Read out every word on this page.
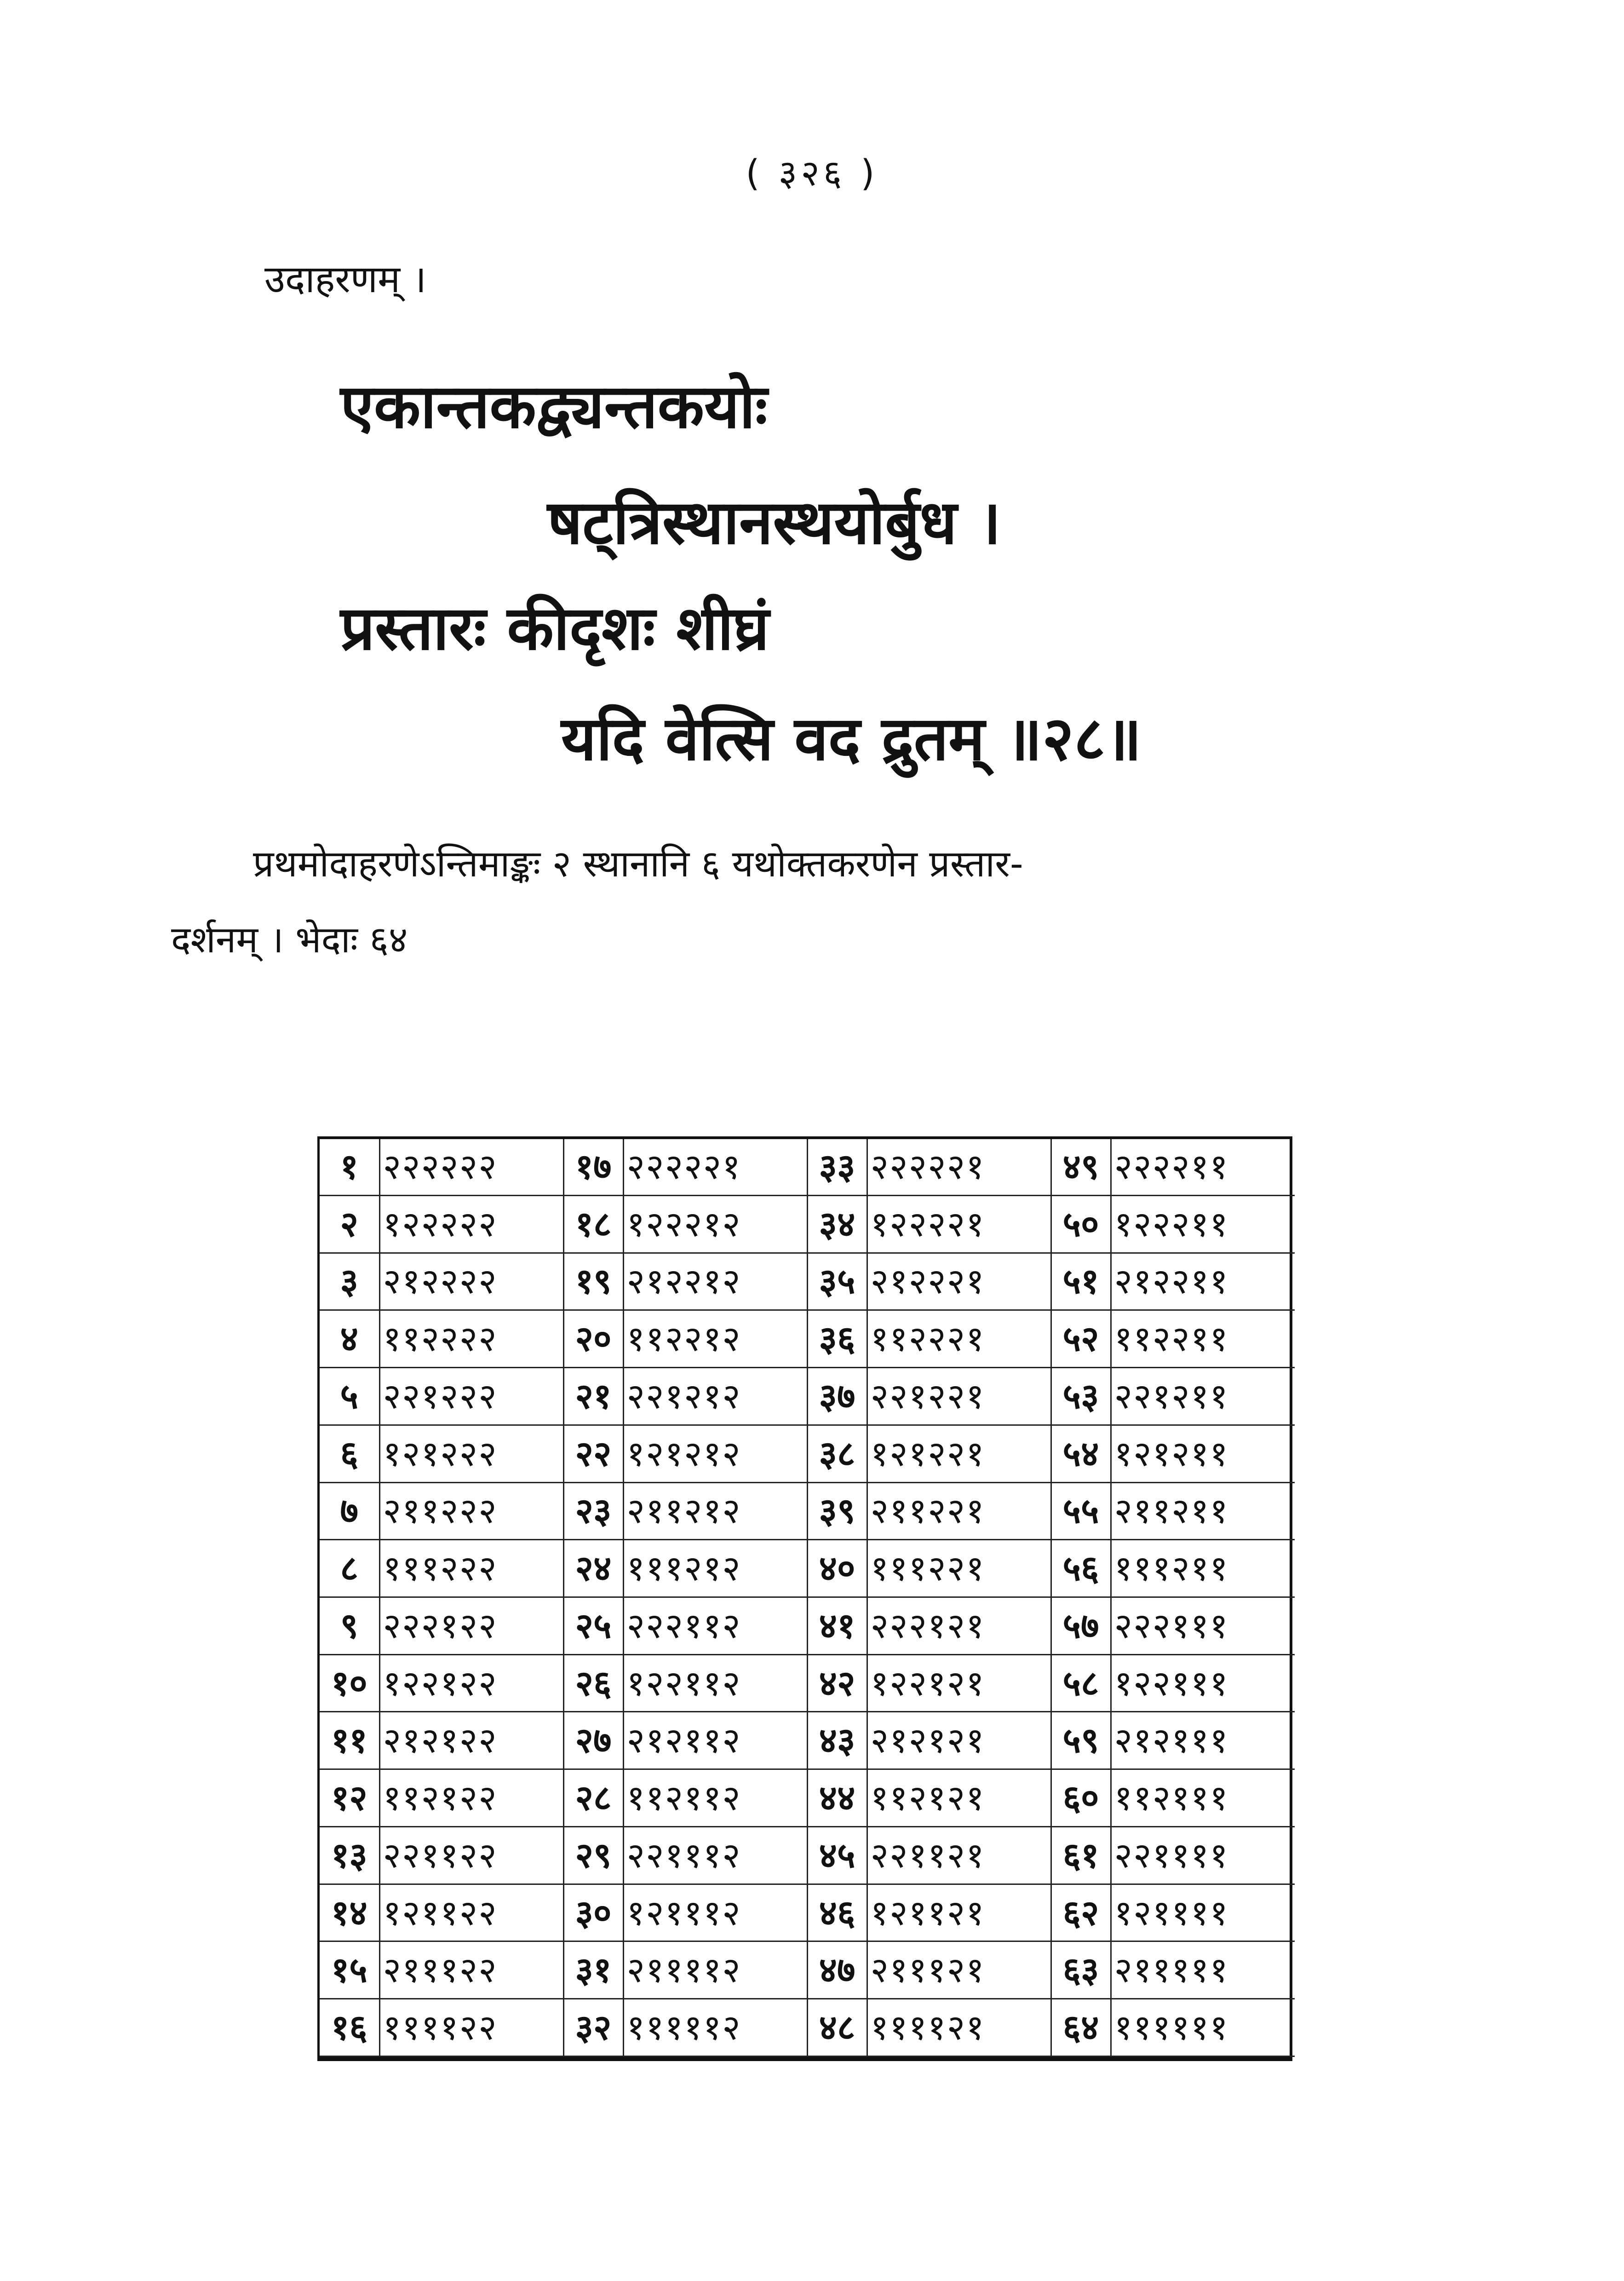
( ३२६ )
उदाहरणम् ।
एकान्तकद्व्यन्तकयोः
षट्त्रिस्थानस्थयोर्बुध ।
प्रस्तारः कीदृशः शीघ्रं
यदि वेत्सि वद द्रुतम् ॥२८॥
प्रथमोदाहरणेऽन्तिमाङ्कः २ स्थानानि ६ यथोक्तकरणेन प्रस्तार-
दर्शनम् । भेदाः ६४
१	२२२२२२	१७	२२२२२१	३३	२२२२२१	४९	२२२२११
२	१२२२२२	१८	१२२२१२	३४	१२२२२१	५०	१२२२११
३	२१२२२२	१९	२१२२१२	३५	२१२२२१	५१	२१२२११
४	११२२२२	२०	११२२१२	३६	११२२२१	५२	११२२११
५	२२१२२२	२१	२२१२१२	३७	२२१२२१	५३	२२१२११
६	१२१२२२	२२	१२१२१२	३८	१२१२२१	५४	१२१२११
७	२११२२२	२३	२११२१२	३९	२११२२१	५५	२११२११
८	१११२२२	२४	१११२१२	४०	१११२२१	५६	१११२११
९	२२२१२२	२५	२२२११२	४१	२२२१२१	५७	२२२१११
१०	१२२१२२	२६	१२२११२	४२	१२२१२१	५८	१२२१११
११	२१२१२२	२७	२१२११२	४३	२१२१२१	५९	२१२१११
१२	११२१२२	२८	११२११२	४४	११२१२१	६०	११२१११
१३	२२११२२	२९	२२१११२	४५	२२११२१	६१	२२११११
१४	१२११२२	३०	१२१११२	४६	१२११२१	६२	१२११११
१५	२१११२२	३१	२११११२	४७	२१११२१	६३	२१११११
१६	११११२२	३२	१११११२	४८	११११२१	६४	११११११
